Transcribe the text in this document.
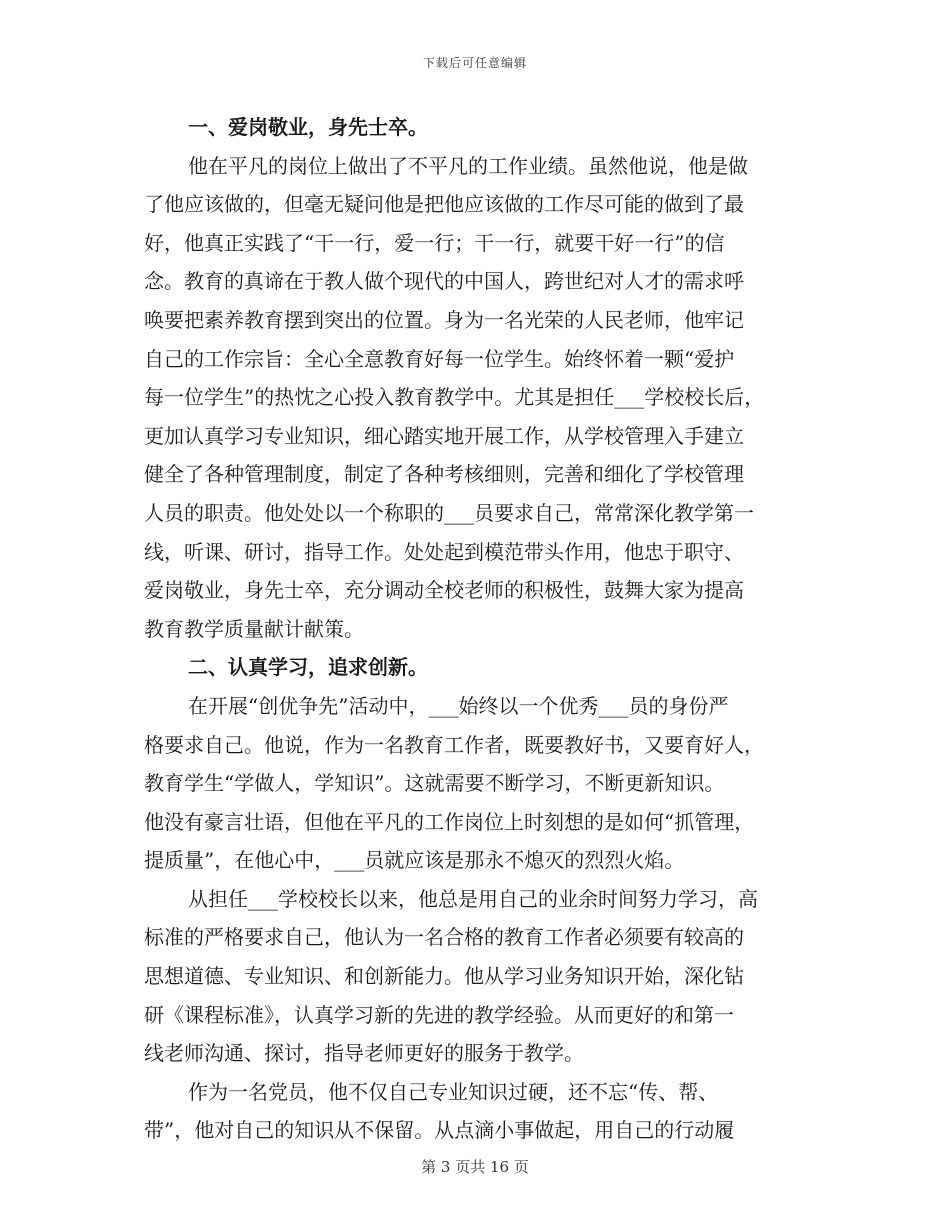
下载后可任意编辑
一、爱岗敬业，身先士卒。
他在平凡的岗位上做出了不平凡的工作业绩。虽然他说，他是做
了他应该做的，但毫无疑问他是把他应该做的工作尽可能的做到了最
好，他真正实践了“干一行，爱一行；干一行，就要干好一行”的信
念。教育的真谛在于教人做个现代的中国人，跨世纪对人才的需求呼
唤要把素养教育摆到突出的位置。身为一名光荣的人民老师，他牢记
自己的工作宗旨：全心全意教育好每一位学生。始终怀着一颗“爱护
每一位学生”的热忱之心投入教育教学中。尤其是担任___学校校长后，
更加认真学习专业知识，细心踏实地开展工作，从学校管理入手建立
健全了各种管理制度，制定了各种考核细则，完善和细化了学校管理
人员的职责。他处处以一个称职的___员要求自己，常常深化教学第一
线，听课、研讨，指导工作。处处起到模范带头作用，他忠于职守、
爱岗敬业，身先士卒，充分调动全校老师的积极性，鼓舞大家为提高
教育教学质量献计献策。
二、认真学习，追求创新。
在开展“创优争先”活动中，___始终以一个优秀___员的身份严
格要求自己。他说，作为一名教育工作者，既要教好书，又要育好人，
教育学生“学做人，学知识”。这就需要不断学习，不断更新知识。
他没有豪言壮语，但他在平凡的工作岗位上时刻想的是如何“抓管理，
提质量”，在他心中，___员就应该是那永不熄灭的烈烈火焰。
从担任___学校校长以来，他总是用自己的业余时间努力学习，高
标准的严格要求自己，他认为一名合格的教育工作者必须要有较高的
思想道德、专业知识、和创新能力。他从学习业务知识开始，深化钻
研《课程标准》，认真学习新的先进的教学经验。从而更好的和第一
线老师沟通、探讨，指导老师更好的服务于教学。
作为一名党员，他不仅自己专业知识过硬，还不忘“传、帮、
带”，他对自己的知识从不保留。从点滴小事做起，用自己的行动履
第 3 页共 16 页
